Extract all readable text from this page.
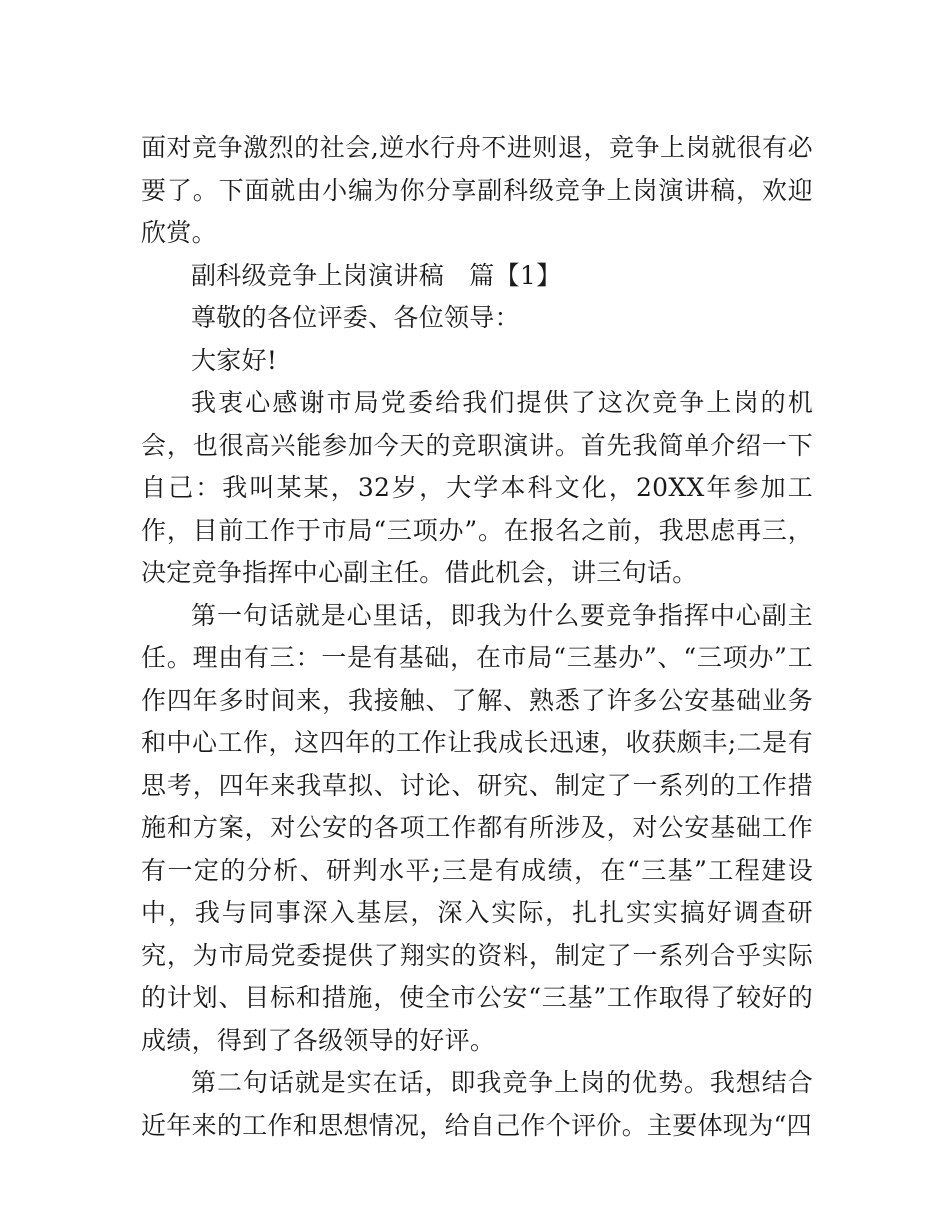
面对竞争激烈的社会,逆水行舟不进则退，竞争上岗就很有必要了。下面就由小编为你分享副科级竞争上岗演讲稿，欢迎欣赏。

副科级竞争上岗演讲稿　篇【1】

尊敬的各位评委、各位领导：

大家好!

我衷心感谢市局党委给我们提供了这次竞争上岗的机会，也很高兴能参加今天的竞职演讲。首先我简单介绍一下自己：我叫某某，32岁，大学本科文化，20XX年参加工作，目前工作于市局“三项办”。在报名之前，我思虑再三，决定竞争指挥中心副主任。借此机会，讲三句话。

第一句话就是心里话，即我为什么要竞争指挥中心副主任。理由有三：一是有基础，在市局“三基办”、“三项办”工作四年多时间来，我接触、了解、熟悉了许多公安基础业务和中心工作，这四年的工作让我成长迅速，收获颇丰;二是有思考，四年来我草拟、讨论、研究、制定了一系列的工作措施和方案，对公安的各项工作都有所涉及，对公安基础工作有一定的分析、研判水平;三是有成绩，在“三基”工程建设中，我与同事深入基层，深入实际，扎扎实实搞好调查研究，为市局党委提供了翔实的资料，制定了一系列合乎实际的计划、目标和措施，使全市公安“三基”工作取得了较好的成绩，得到了各级领导的好评。

第二句话就是实在话，即我竞争上岗的优势。我想结合近年来的工作和思想情况，给自己作个评价。主要体现为“四
